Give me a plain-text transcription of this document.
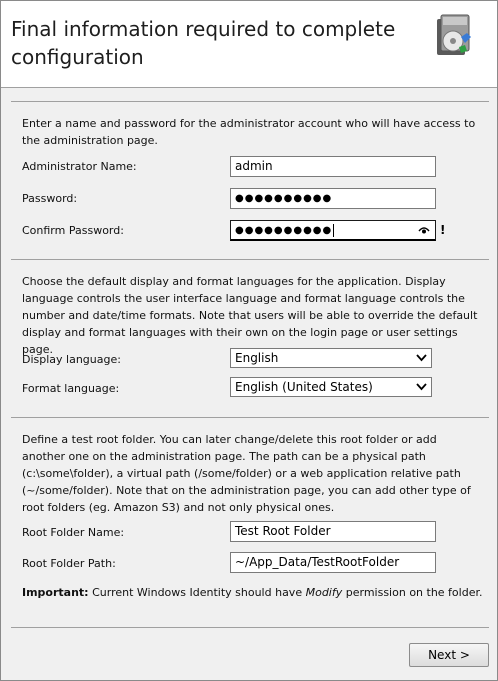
Final information required to complete configuration
Enter a name and password for the administrator account who will have access to the administration page.
Administrator Name:	admin
Password:	●●●●●●●●●●
Confirm Password:	●●●●●●●●●●	!
Choose the default display and format languages for the application. Display language controls the user interface language and format language controls the number and date/time formats. Note that users will be able to override the default display and format languages with their own on the login page or user settings page.
Display language:	English
Format language:	English (United States)
Define a test root folder. You can later change/delete this root folder or add another one on the administration page. The path can be a physical path (c:\some\folder), a virtual path (/some/folder) or a web application relative path (~/some/folder). Note that on the administration page, you can add other type of root folders (eg. Amazon S3) and not only physical ones.
Root Folder Name:	Test Root Folder
Root Folder Path:	~/App_Data/TestRootFolder
Important: Current Windows Identity should have Modify permission on the folder.
Next >
